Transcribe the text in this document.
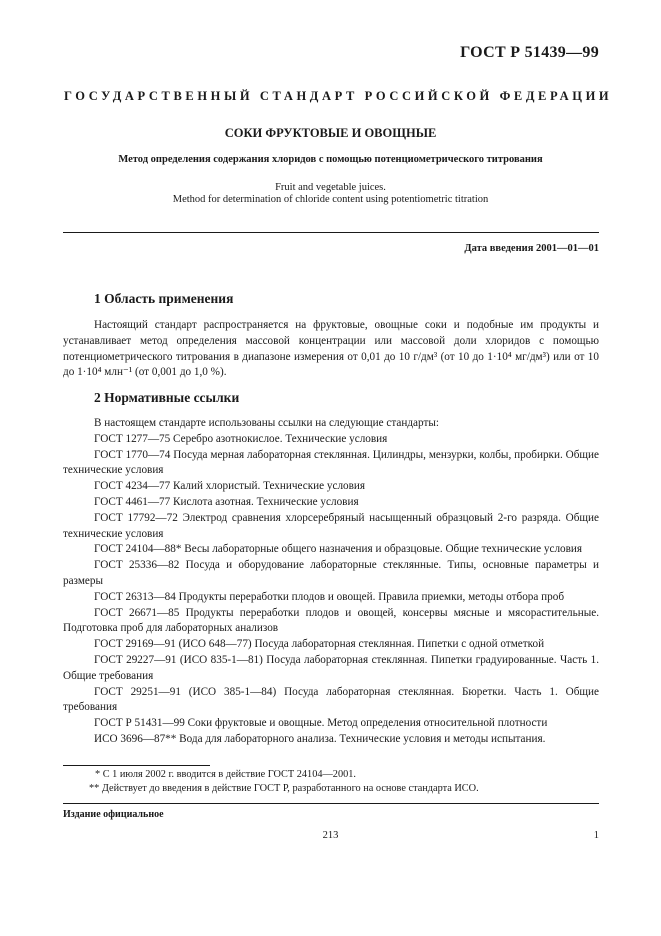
ГОСТ Р 51439—99
ГОСУДАРСТВЕННЫЙ СТАНДАРТ РОССИЙСКОЙ ФЕДЕРАЦИИ
СОКИ ФРУКТОВЫЕ И ОВОЩНЫЕ
Метод определения содержания хлоридов с помощью потенциометрического титрования
Fruit and vegetable juices.
Method for determination of chloride content using potentiometric titration
Дата введения 2001—01—01
1 Область применения
Настоящий стандарт распространяется на фруктовые, овощные соки и подобные им продукты и устанавливает метод определения массовой концентрации или массовой доли хлоридов с помощью потенциометрического титрования в диапазоне измерения от 0,01 до 10 г/дм³ (от 10 до 1·10⁴ мг/дм³) или от 10 до 1·10⁴ млн⁻¹ (от 0,001 до 1,0 %).
2 Нормативные ссылки

В настоящем стандарте использованы ссылки на следующие стандарты:

ГОСТ 1277—75 Серебро азотнокислое. Технические условия

ГОСТ 1770—74 Посуда мерная лабораторная стеклянная. Цилиндры, мензурки, колбы, пробирки. Общие технические условия

ГОСТ 4234—77 Калий хлористый. Технические условия

ГОСТ 4461—77 Кислота азотная. Технические условия

ГОСТ 17792—72 Электрод сравнения хлорсеребряный насыщенный образцовый 2-го разряда. Общие технические условия

ГОСТ 24104—88* Весы лабораторные общего назначения и образцовые. Общие технические условия

ГОСТ 25336—82 Посуда и оборудование лабораторные стеклянные. Типы, основные параметры и размеры

ГОСТ 26313—84 Продукты переработки плодов и овощей. Правила приемки, методы отбора проб

ГОСТ 26671—85 Продукты переработки плодов и овощей, консервы мясные и мясорастительные. Подготовка проб для лабораторных анализов

ГОСТ 29169—91 (ИСО 648—77) Посуда лабораторная стеклянная. Пипетки с одной отметкой

ГОСТ 29227—91 (ИСО 835-1—81) Посуда лабораторная стеклянная. Пипетки градуированные. Часть 1. Общие требования

ГОСТ 29251—91 (ИСО 385-1—84) Посуда лабораторная стеклянная. Бюретки. Часть 1. Общие требования

ГОСТ Р 51431—99 Соки фруктовые и овощные. Метод определения относительной плотности

ИСО 3696—87** Вода для лабораторного анализа. Технические условия и методы испытания.

* С 1 июля 2002 г. вводится в действие ГОСТ 24104—2001.
** Действует до введения в действие ГОСТ Р, разработанного на основе стандарта ИСО.
Издание официальное
213	1
